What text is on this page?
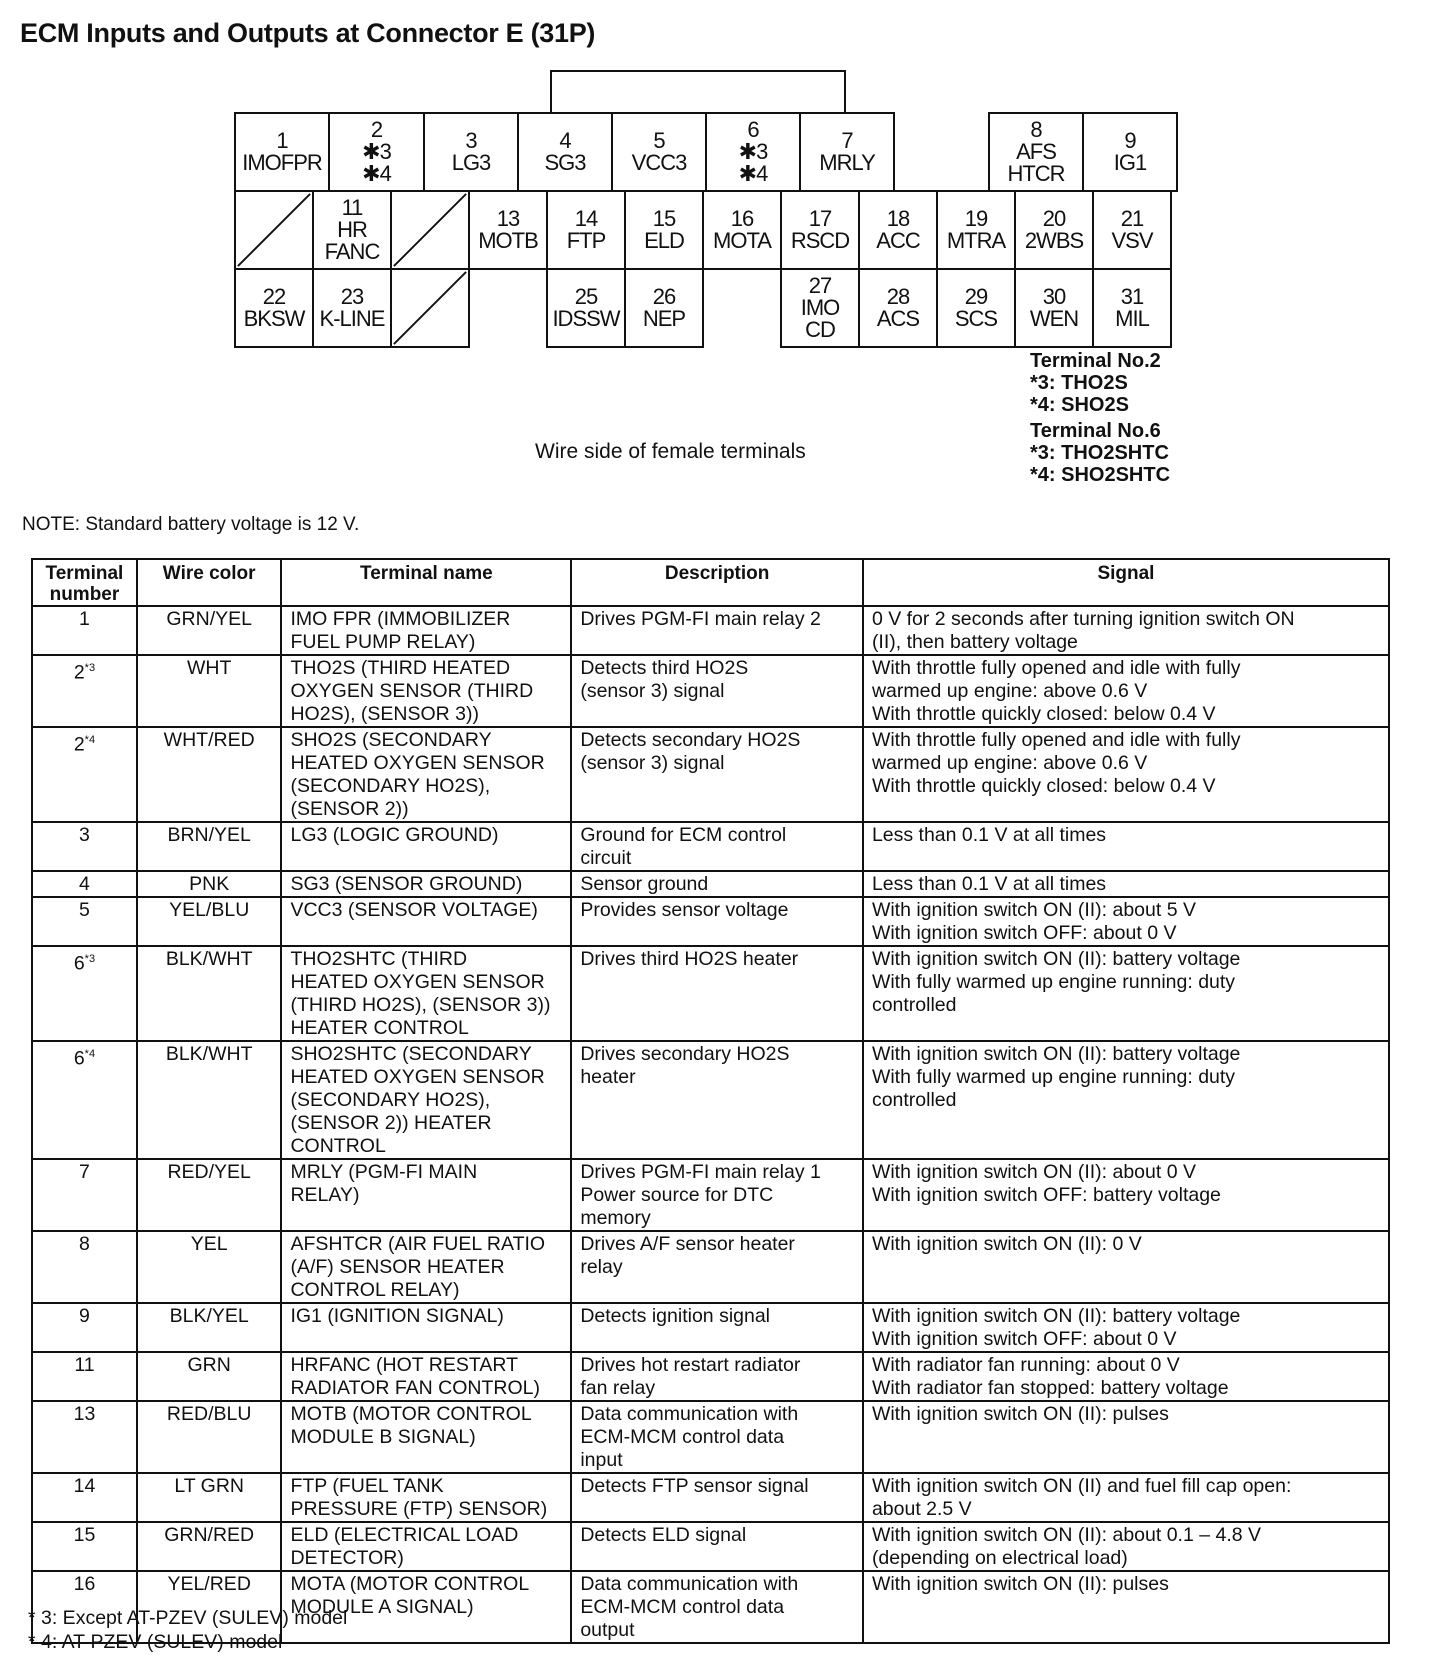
ECM Inputs and Outputs at Connector E (31P)
1
IMOFPR
2
✱3
✱4
3
LG3
4
SG3
5
VCC3
6
✱3
✱4
7
MRLY
8
AFS
HTCR
9
IG1
11
HR
FANC
13
MOTB
14
FTP
15
ELD
16
MOTA
17
RSCD
18
ACC
19
MTRA
20
2WBS
21
VSV
22
BKSW
23
K-LINE
25
IDSSW
26
NEP
27
IMO
CD
28
ACS
29
SCS
30
WEN
31
MIL
Terminal No.2
*3: THO2S
*4: SHO2S
Terminal No.6
*3: THO2SHTC
*4: SHO2SHTC
Wire side of female terminals
NOTE: Standard battery voltage is 12 V.
Terminal
number	Wire color	Terminal name	Description	Signal
1	GRN/YEL	IMO FPR (IMMOBILIZER
FUEL PUMP RELAY)	Drives PGM-FI main relay 2	0 V for 2 seconds after turning ignition switch ON
(II), then battery voltage

2$^{*3}$	WHT	THO2S (THIRD HEATED
OXYGEN SENSOR (THIRD
HO2S), (SENSOR 3))	Detects third HO2S
(sensor 3) signal	With throttle fully opened and idle with fully
warmed up engine: above 0.6 V
With throttle quickly closed: below 0.4 V

2$^{*4}$	WHT/RED	SHO2S (SECONDARY
HEATED OXYGEN SENSOR
(SECONDARY HO2S),
(SENSOR 2))	Detects secondary HO2S
(sensor 3) signal	With throttle fully opened and idle with fully
warmed up engine: above 0.6 V
With throttle quickly closed: below 0.4 V

3	BRN/YEL	LG3 (LOGIC GROUND)	Ground for ECM control
circuit	Less than 0.1 V at all times

4	PNK	SG3 (SENSOR GROUND)	Sensor ground	Less than 0.1 V at all times

5	YEL/BLU	VCC3 (SENSOR VOLTAGE)	Provides sensor voltage	With ignition switch ON (II): about 5 V
With ignition switch OFF: about 0 V

6$^{*3}$	BLK/WHT	THO2SHTC (THIRD
HEATED OXYGEN SENSOR
(THIRD HO2S), (SENSOR 3))
HEATER CONTROL	Drives third HO2S heater	With ignition switch ON (II): battery voltage
With fully warmed up engine running: duty
controlled

6$^{*4}$	BLK/WHT	SHO2SHTC (SECONDARY
HEATED OXYGEN SENSOR
(SECONDARY HO2S),
(SENSOR 2)) HEATER
CONTROL	Drives secondary HO2S
heater	With ignition switch ON (II): battery voltage
With fully warmed up engine running: duty
controlled

7	RED/YEL	MRLY (PGM-FI MAIN
RELAY)	Drives PGM-FI main relay 1
Power source for DTC
memory	With ignition switch ON (II): about 0 V
With ignition switch OFF: battery voltage

8	YEL	AFSHTCR (AIR FUEL RATIO
(A/F) SENSOR HEATER
CONTROL RELAY)	Drives A/F sensor heater
relay	With ignition switch ON (II): 0 V

9	BLK/YEL	IG1 (IGNITION SIGNAL)	Detects ignition signal	With ignition switch ON (II): battery voltage
With ignition switch OFF: about 0 V

11	GRN	HRFANC (HOT RESTART
RADIATOR FAN CONTROL)	Drives hot restart radiator
fan relay	With radiator fan running: about 0 V
With radiator fan stopped: battery voltage

13	RED/BLU	MOTB (MOTOR CONTROL
MODULE B SIGNAL)	Data communication with
ECM-MCM control data
input	With ignition switch ON (II): pulses

14	LT GRN	FTP (FUEL TANK
PRESSURE (FTP) SENSOR)	Detects FTP sensor signal	With ignition switch ON (II) and fuel fill cap open:
about 2.5 V

15	GRN/RED	ELD (ELECTRICAL LOAD
DETECTOR)	Detects ELD signal	With ignition switch ON (II): about 0.1 – 4.8 V
(depending on electrical load)

16	YEL/RED	MOTA (MOTOR CONTROL
MODULE A SIGNAL)	Data communication with
ECM-MCM control data
output	With ignition switch ON (II): pulses
* 3: Except AT-PZEV (SULEV) model
* 4: AT-PZEV (SULEV) model
